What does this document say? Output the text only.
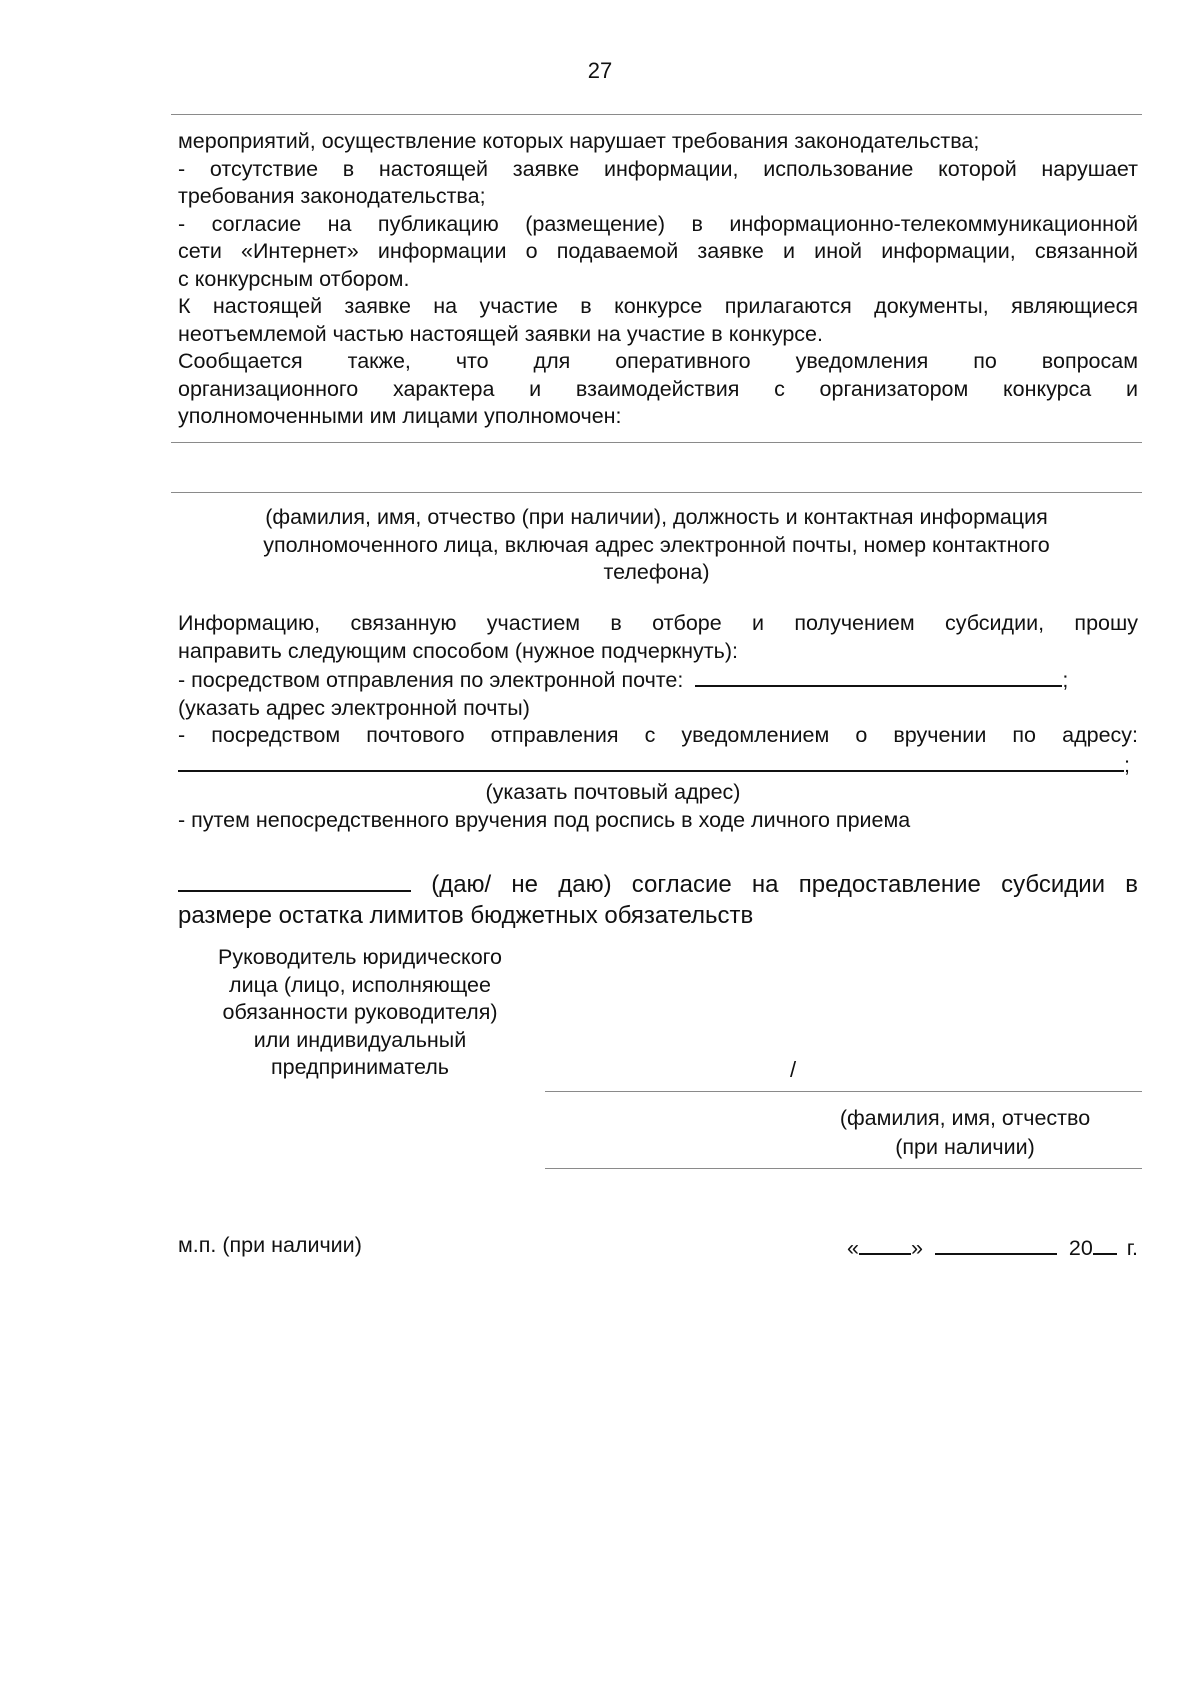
27

мероприятий, осуществление которых нарушает требования законодательства;

- отсутствие в настоящей заявке информации, использование которой нарушает

требования законодательства;

- согласие на публикацию (размещение) в информационно-телекоммуникационной

сети «Интернет» информации о подаваемой заявке и иной информации, связанной

с конкурсным отбором.

К настоящей заявке на участие в конкурсе прилагаются документы, являющиеся

неотъемлемой частью настоящей заявки на участие в конкурсе.

Сообщается также, что для оперативного уведомления по вопросам

организационного характера и взаимодействия с организатором конкурса и

уполномоченными им лицами уполномочен:

(фамилия, имя, отчество (при наличии), должность и контактная информация

уполномоченного лица, включая адрес электронной почты, номер контактного

телефона)

Информацию, связанную участием в отборе и получением субсидии, прошу

направить следующим способом (нужное подчеркнуть):

- посредством отправления по электронной почте:	;

(указать адрес электронной почты)

- посредством почтового отправления с уведомлением о вручении по адресу:

;

(указать почтовый адрес)

- путем непосредственного вручения под роспись в ходе личного приема

(даю/ не даю) согласие на предоставление субсидии в

размере остатка лимитов бюджетных обязательств

Руководитель юридического

лица (лицо, исполняющее

обязанности руководителя)

или индивидуальный

предприниматель	/

(фамилия, имя, отчество

(при наличии)

м.п. (при наличии)	« »	20 г.
